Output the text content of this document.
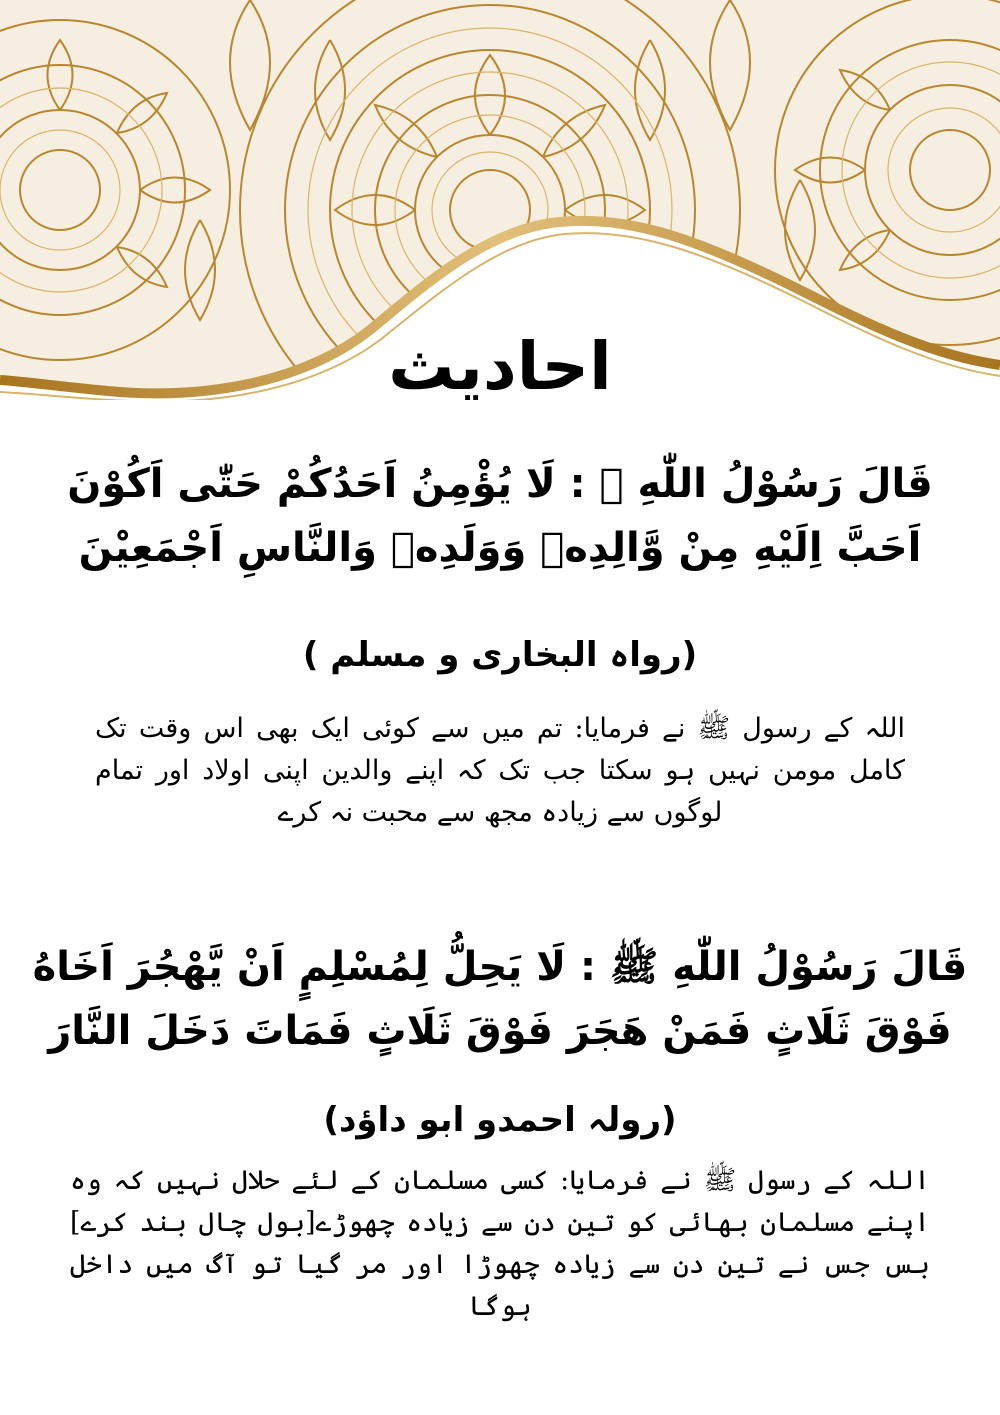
احادیث
قَالَ رَسُوْلُ اللّٰهِ ﷺ : لَا یُؤْمِنُ اَحَدُکُمْ حَتّٰی اَکُوْنَ اَحَبَّ اِلَیْهِ مِنْ وَّالِدِهٖ وَوَلَدِهٖ وَالنَّاسِ اَجْمَعِیْنَ
(رواہ البخاری و مسلم )
اللہ کے رسول ﷺ نے فرمایا: تم میں سے کوئی ایک بھی اس وقت تک کامل مومن نہیں ہو سکتا جب تک کہ اپنے والدین اپنی اولاد اور تمام لوگوں سے زیادہ مجھ سے محبت نہ کرے
قَالَ رَسُوْلُ اللّٰهِ ﷺ : لَا یَحِلُّ لِمُسْلِمٍ اَنْ یَّهْجُرَ اَخَاهُ فَوْقَ ثَلَاثٍ فَمَنْ هَجَرَ فَوْقَ ثَلَاثٍ فَمَاتَ دَخَلَ النَّارَ
(رولہ احمدو ابو داؤد)
اللہ کے رسول ﷺ نے فرمایا: کسی مسلمان کے لئے حلال نہیں کہ وہ اپنے مسلمان بھائی کو تین دن سے زیادہ چھوڑے[بول چال بند کرے] بس جس نے تین دن سے زیادہ چھوڑا اور مر گیا تو آگ میں داخل ہوگا
